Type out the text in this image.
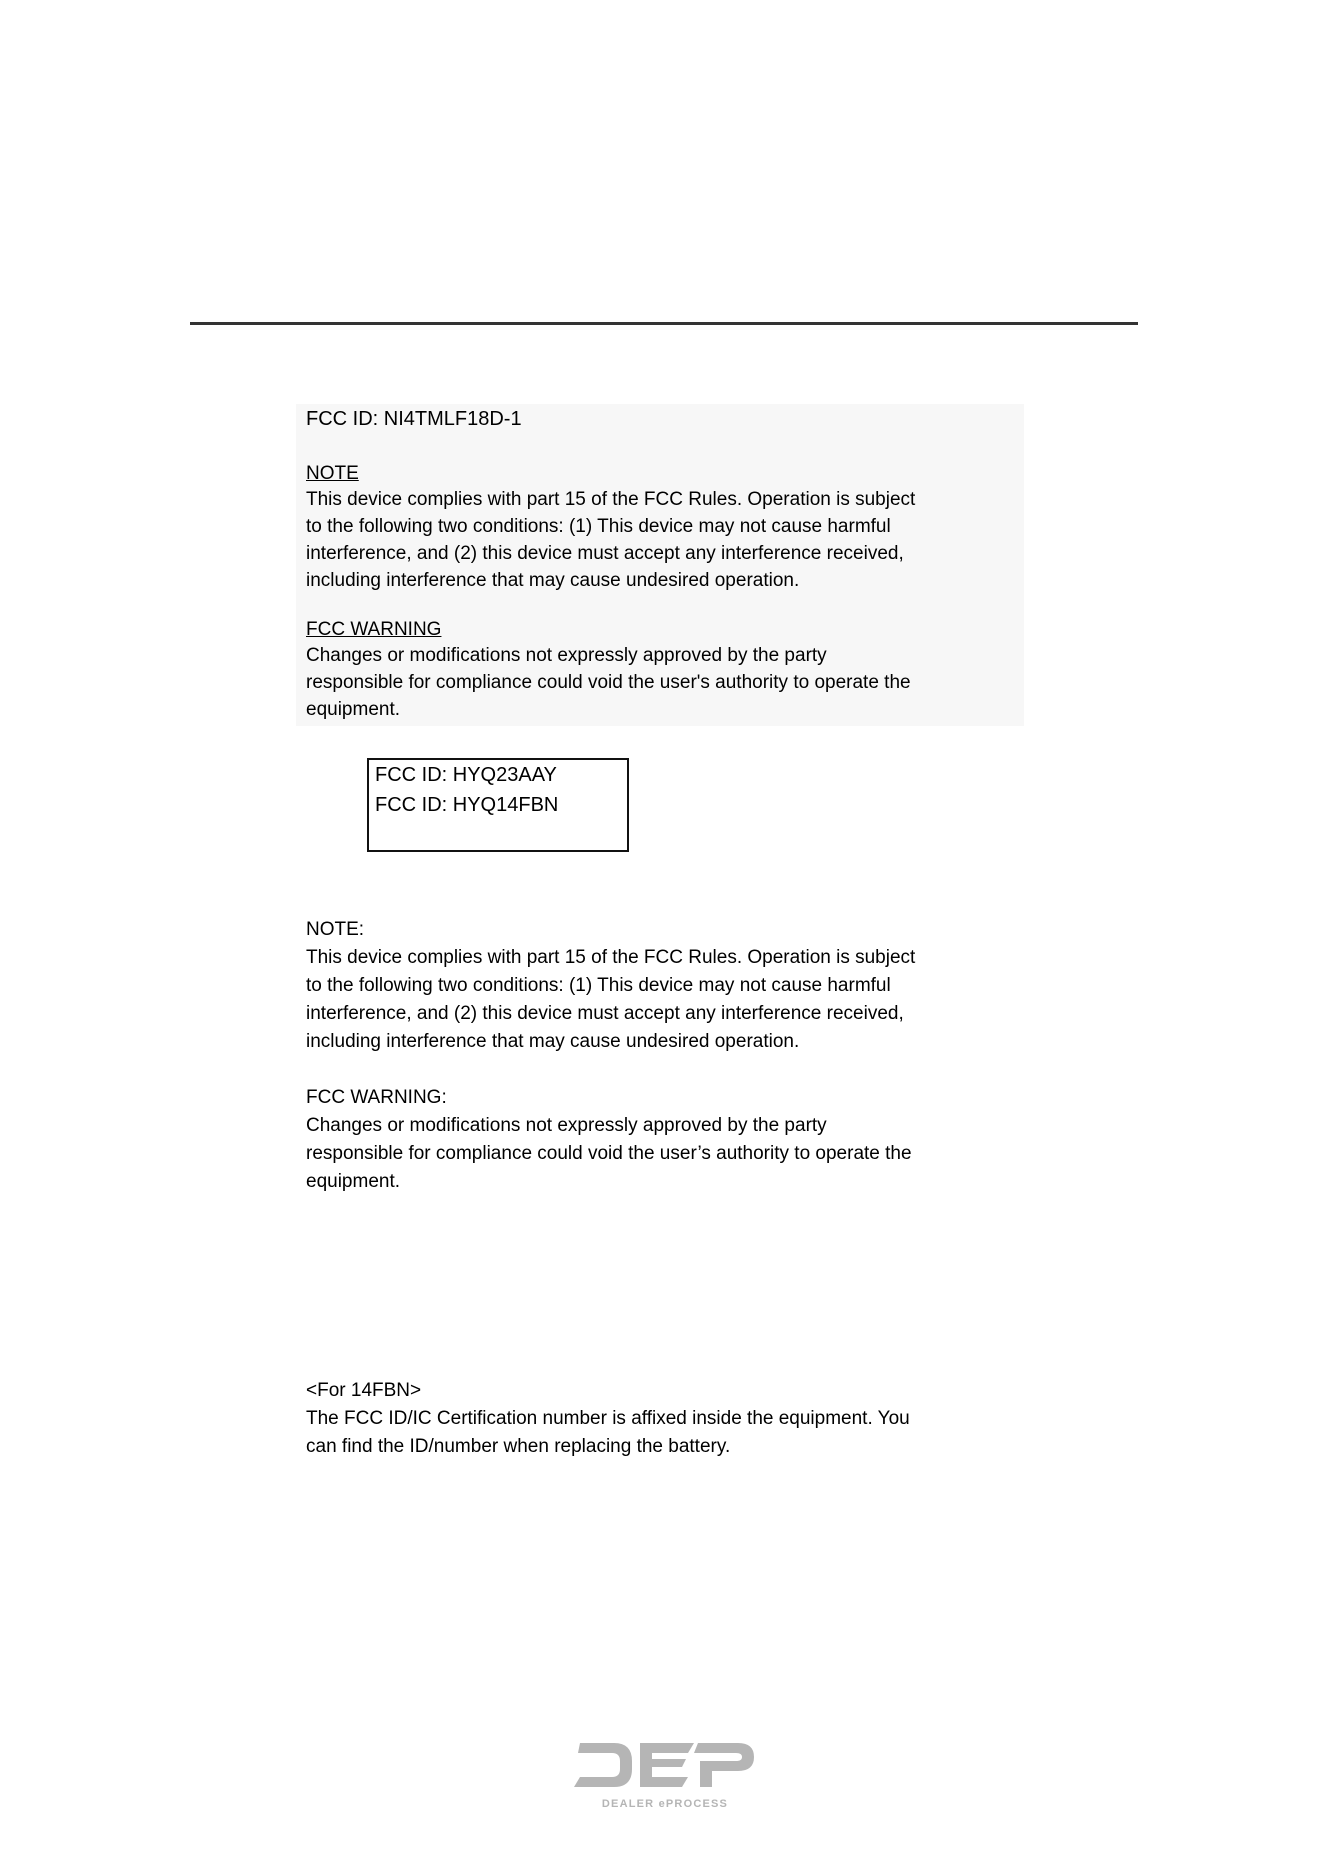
FCC ID: NI4TMLF18D-1

NOTE

This device complies with part 15 of the FCC Rules. Operation is subject

to the following two conditions: (1) This device may not cause harmful

interference, and (2) this device must accept any interference received,

including interference that may cause undesired operation.

FCC WARNING

Changes or modifications not expressly approved by the party

responsible for compliance could void the user's authority to operate the

equipment.

FCC ID: HYQ23AAY

FCC ID: HYQ14FBN

NOTE:

This device complies with part 15 of the FCC Rules. Operation is subject

to the following two conditions: (1) This device may not cause harmful

interference, and (2) this device must accept any interference received,

including interference that may cause undesired operation.

FCC WARNING:

Changes or modifications not expressly approved by the party

responsible for compliance could void the user’s authority to operate the

equipment.

<For 14FBN>

The FCC ID/IC Certification number is affixed inside the equipment. You

can find the ID/number when replacing the battery.

DEALER ePROCESS
